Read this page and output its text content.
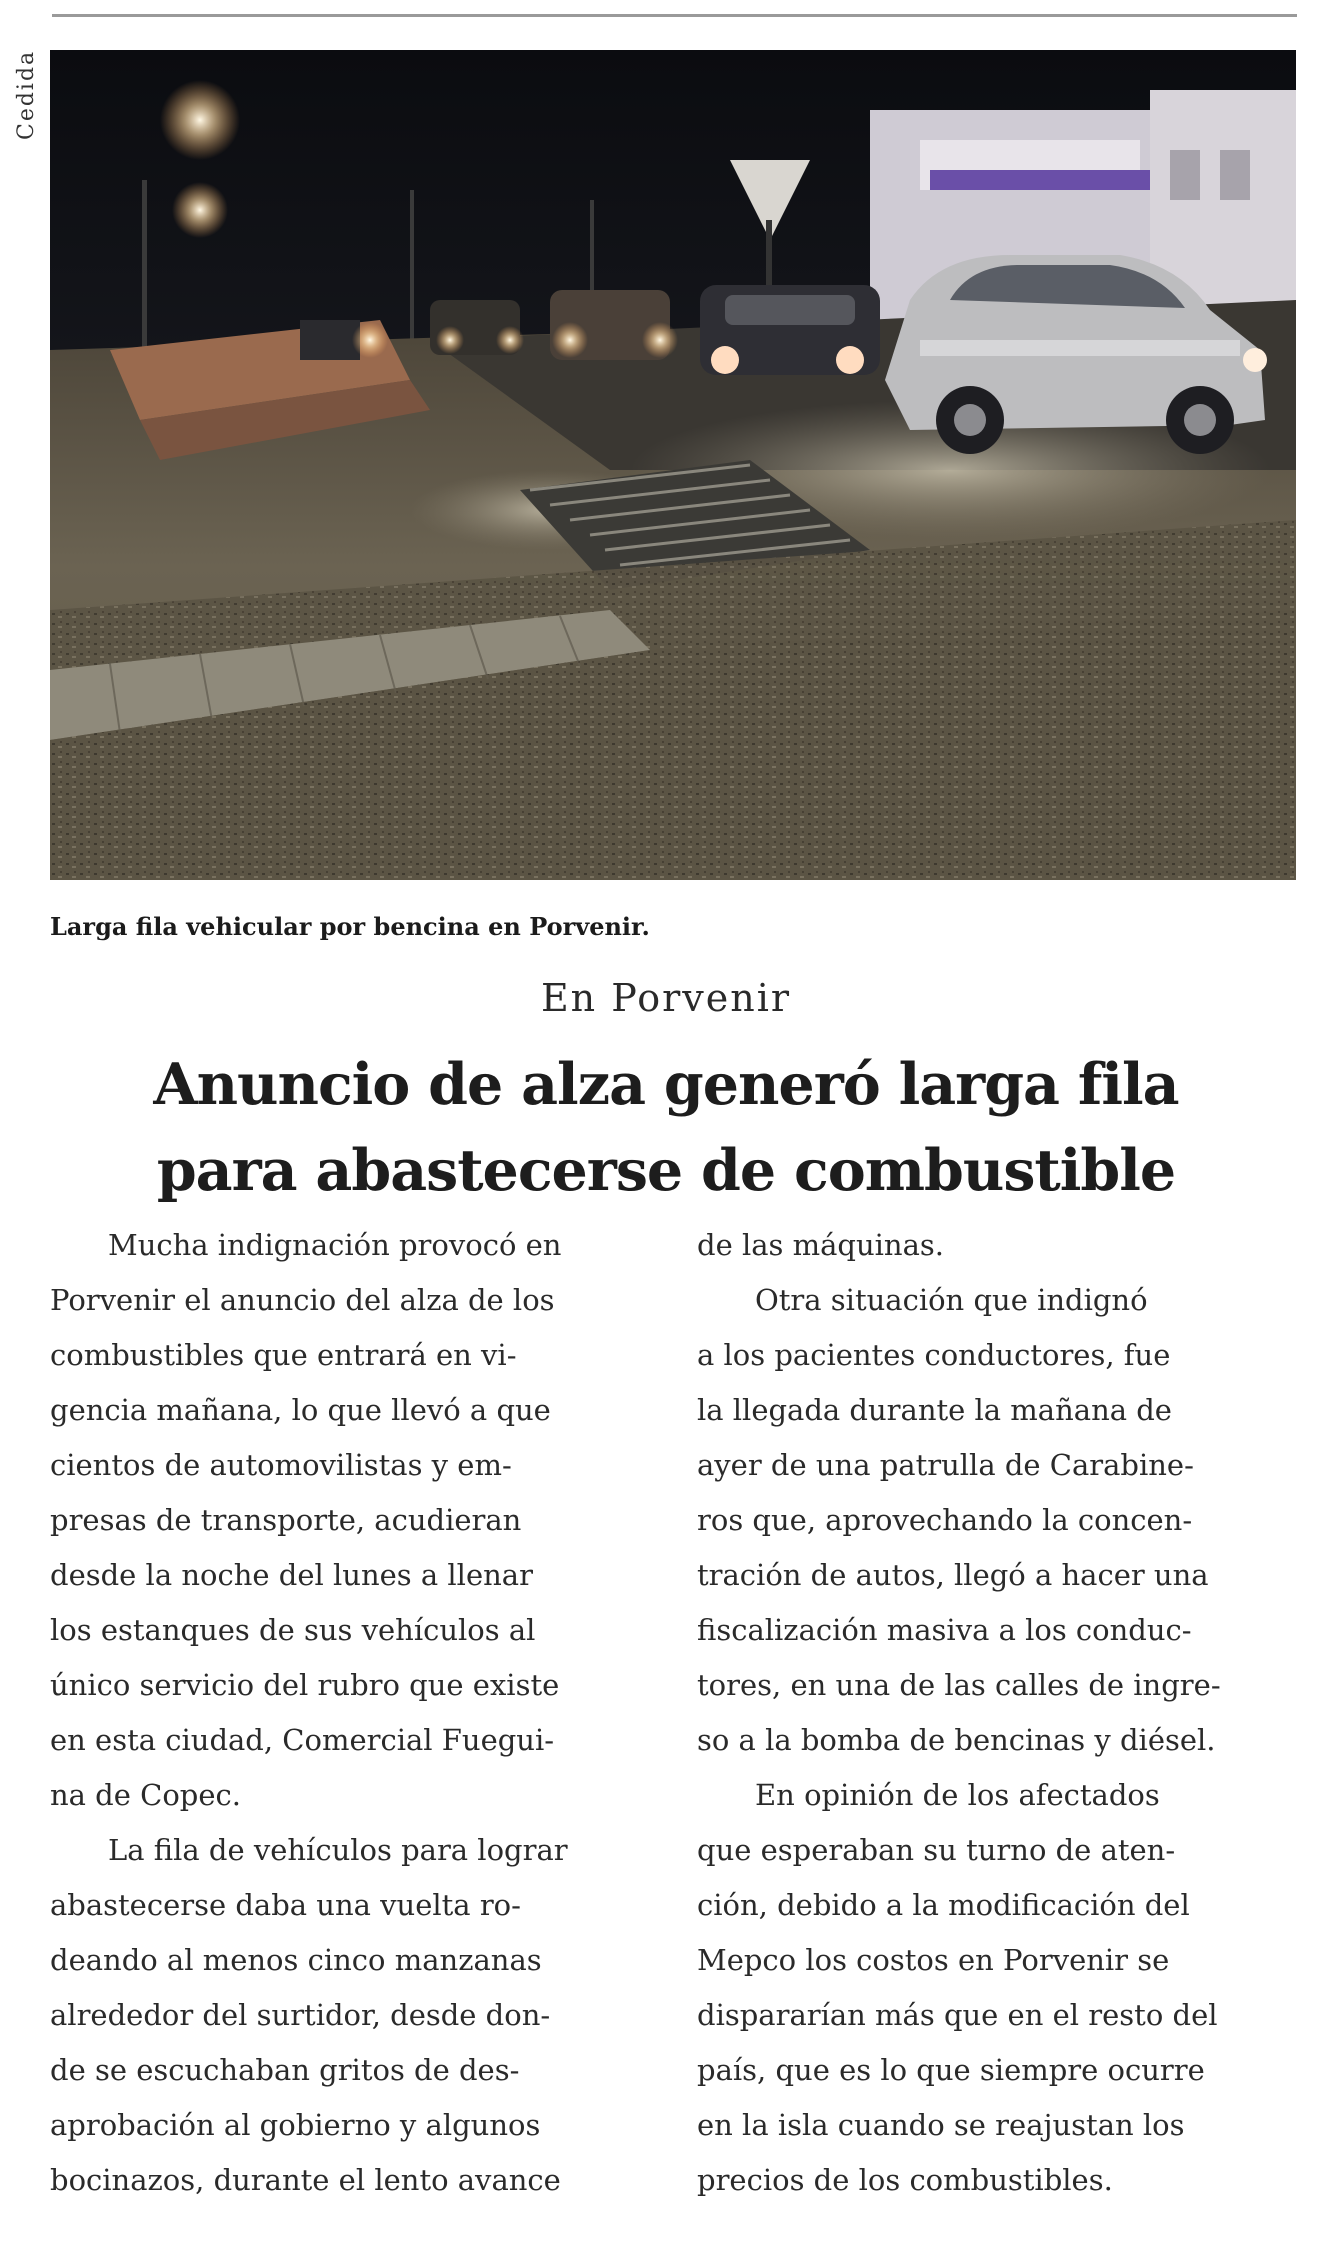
Cedida
Larga fila vehicular por bencina en Porvenir.
En Porvenir
Anuncio de alza generó larga fila
para abastecerse de combustible
Mucha indignación provocó en
Porvenir el anuncio del alza de los
combustibles que entrará en vi-
gencia mañana, lo que llevó a que
cientos de automovilistas y em-
presas de transporte, acudieran
desde la noche del lunes a llenar
los estanques de sus vehículos al
único servicio del rubro que existe
en esta ciudad, Comercial Fuegui-
na de Copec.
La fila de vehículos para lograr
abastecerse daba una vuelta ro-
deando al menos cinco manzanas
alrededor del surtidor, desde don-
de se escuchaban gritos de des-
aprobación al gobierno y algunos
bocinazos, durante el lento avance
de las máquinas.
Otra situación que indignó
a los pacientes conductores, fue
la llegada durante la mañana de
ayer de una patrulla de Carabine-
ros que, aprovechando la concen-
tración de autos, llegó a hacer una
fiscalización masiva a los conduc-
tores, en una de las calles de ingre-
so a la bomba de bencinas y diésel.
En opinión de los afectados
que esperaban su turno de aten-
ción, debido a la modificación del
Mepco los costos en Porvenir se
dispararían más que en el resto del
país, que es lo que siempre ocurre
en la isla cuando se reajustan los
precios de los combustibles.
